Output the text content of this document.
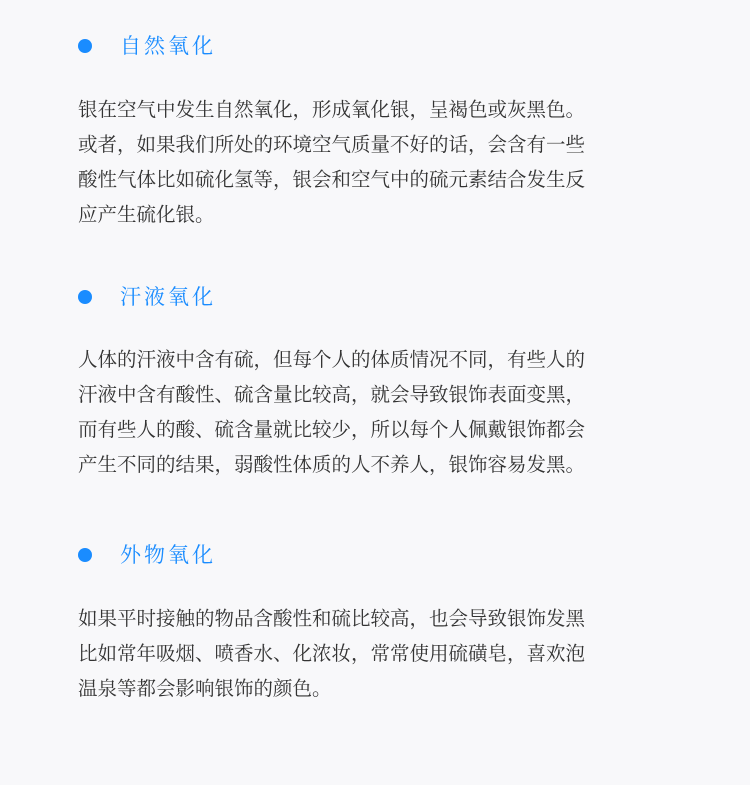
自然氧化
银在空气中发生自然氧化，形成氧化银，呈褐色或灰黑色。
或者，如果我们所处的环境空气质量不好的话，会含有一些
酸性气体比如硫化氢等，银会和空气中的硫元素结合发生反
应产生硫化银。
汗液氧化
人体的汗液中含有硫，但每个人的体质情况不同，有些人的
汗液中含有酸性、硫含量比较高，就会导致银饰表面变黑，
而有些人的酸、硫含量就比较少，所以每个人佩戴银饰都会
产生不同的结果，弱酸性体质的人不养人，银饰容易发黑。
外物氧化
如果平时接触的物品含酸性和硫比较高，也会导致银饰发黑
比如常年吸烟、喷香水、化浓妆，常常使用硫磺皂，喜欢泡
温泉等都会影响银饰的颜色。
